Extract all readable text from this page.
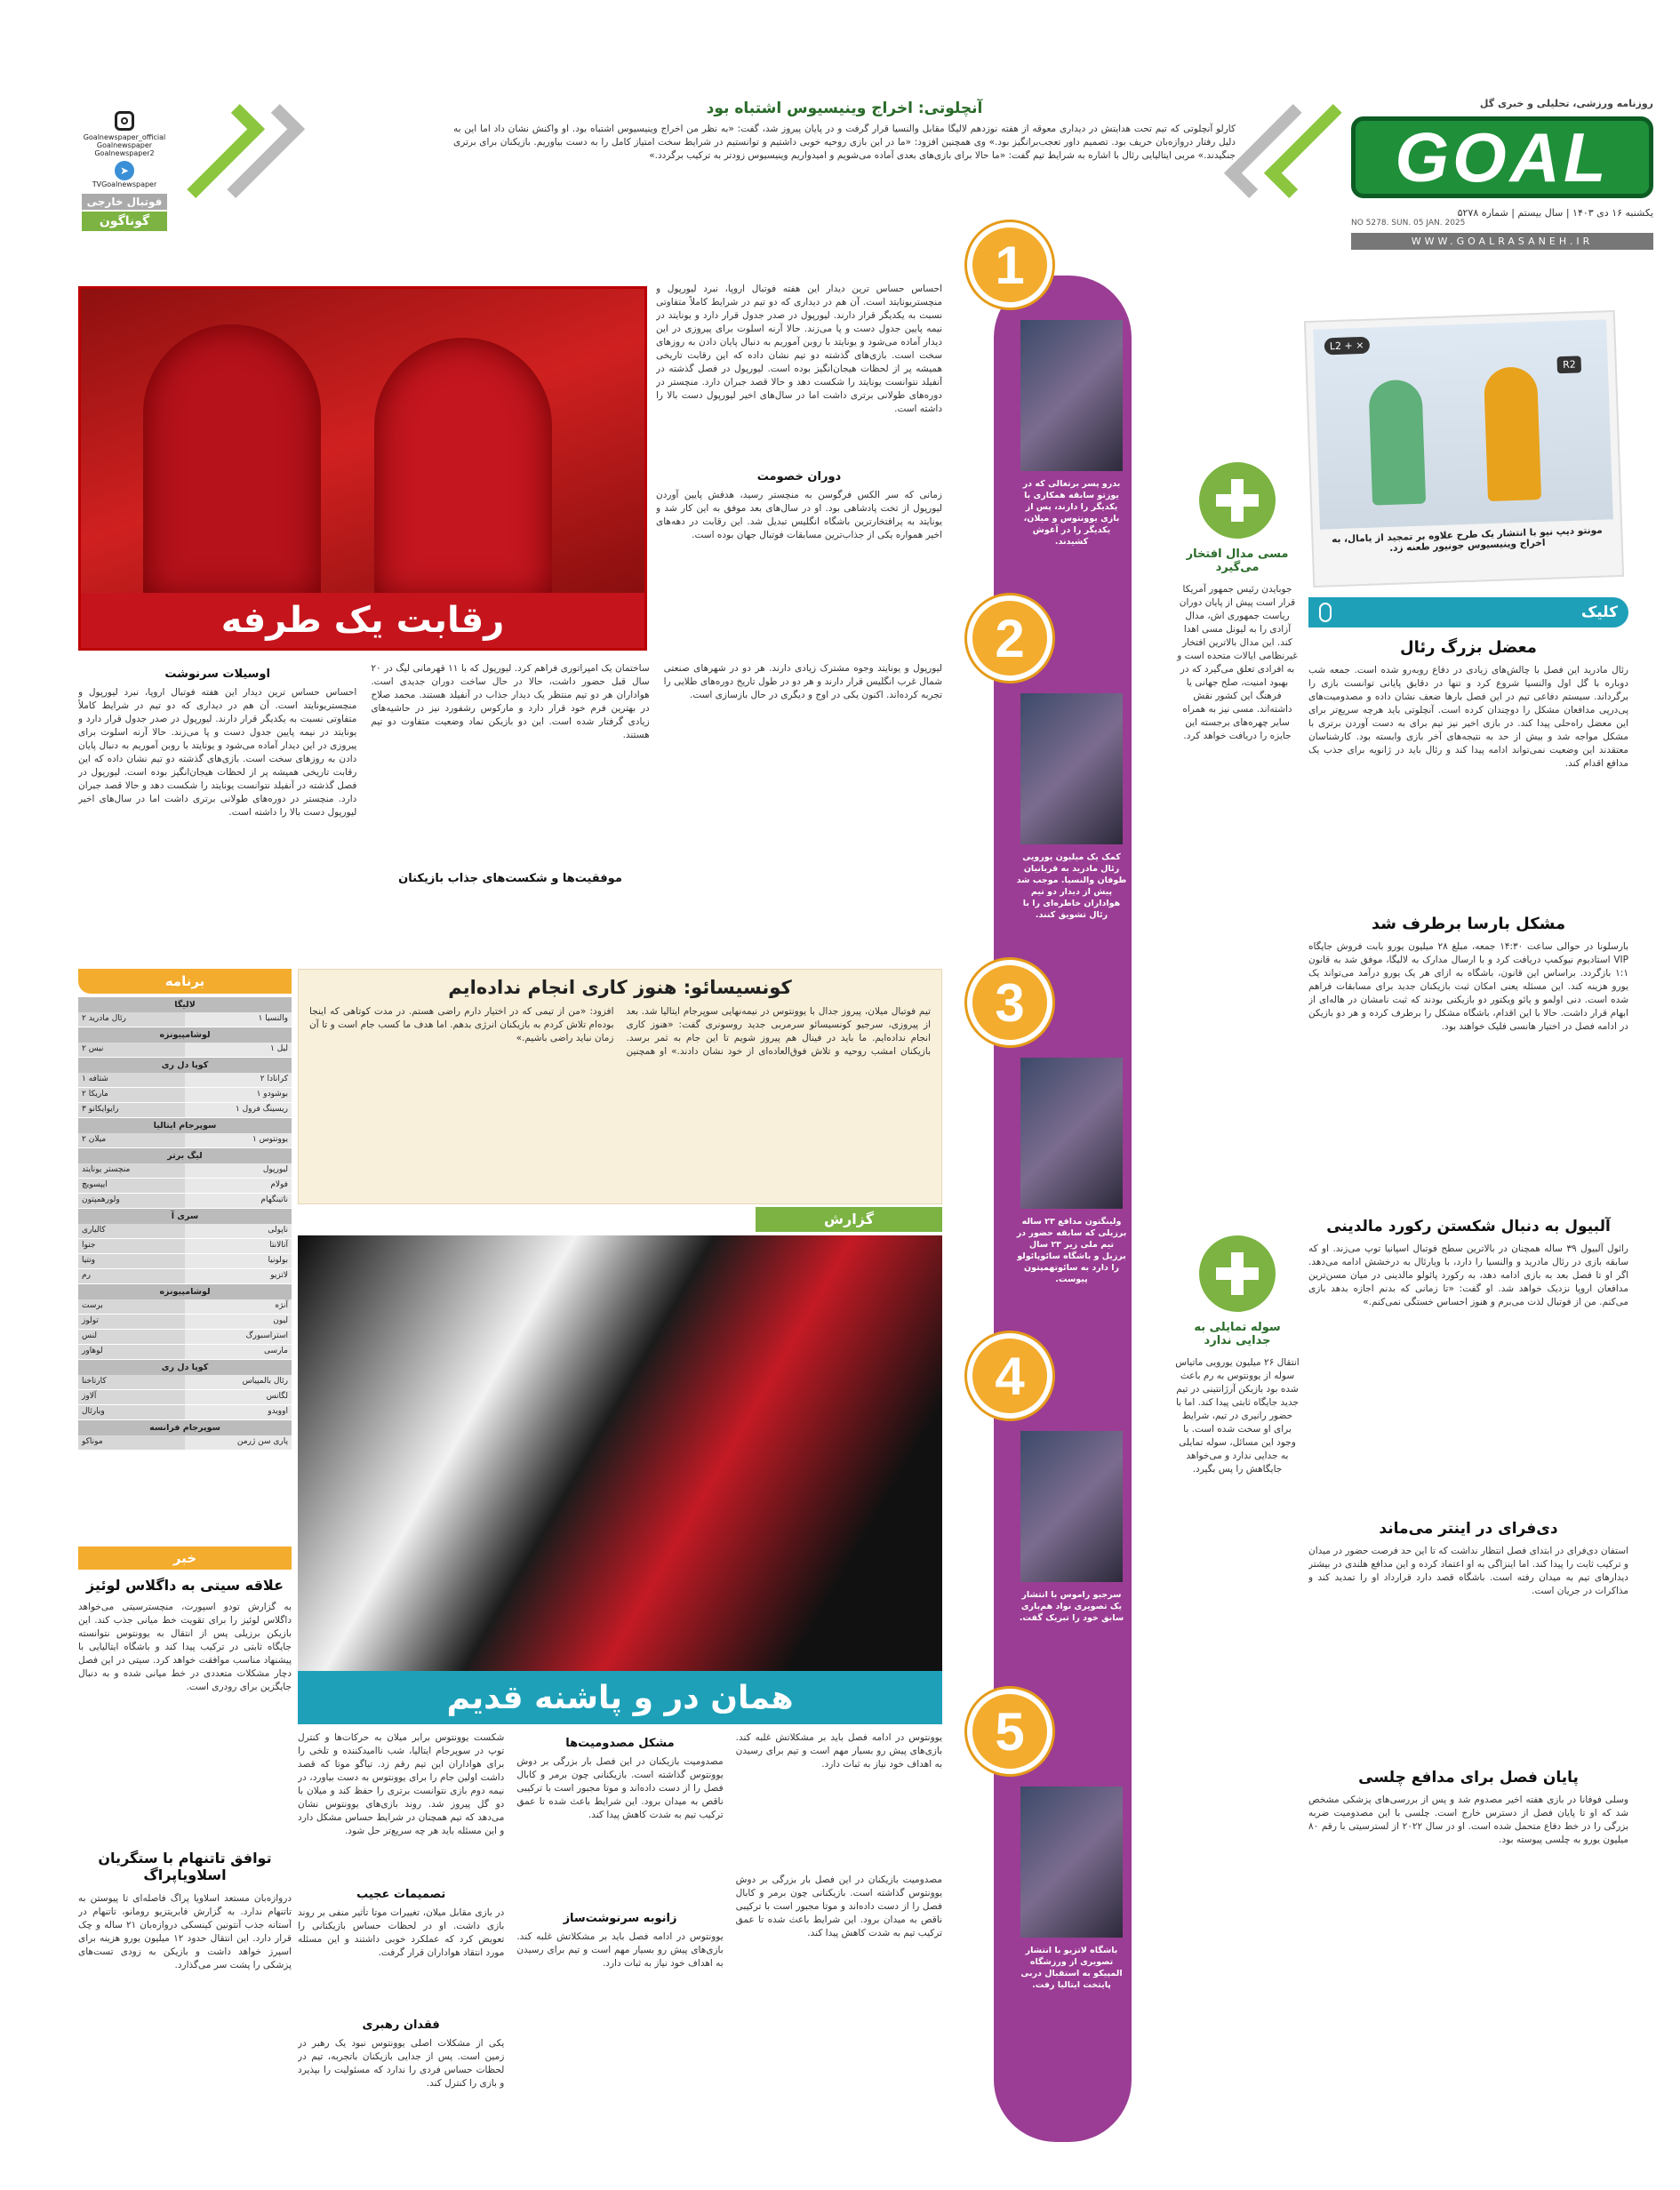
روزنامه ورزشی، تحلیلی و خبری گل
GOAL
یکشنبه ۱۶ دی ۱۴۰۳ | سال بیستم | شماره ۵۲۷۸
NO 5278. SUN. 05 JAN. 2025
WWW.GOALRASANEH.IR
آنچلوتی: اخراج وینیسیوس اشتباه بود
کارلو آنچلوتی که تیم تحت هدایتش در دیداری معوقه از هفته نوزدهم لالیگا مقابل والنسیا قرار گرفت و در پایان پیروز شد، گفت: «به نظر من اخراج وینیسیوس اشتباه بود. او واکنش نشان داد اما این به دلیل رفتار دروازه‌بان حریف بود. تصمیم داور تعجب‌برانگیز بود.» وی همچنین افزود: «ما در این بازی روحیه خوبی داشتیم و توانستیم در شرایط سخت امتیاز کامل را به دست بیاوریم. بازیکنان برای برتری جنگیدند.» مربی ایتالیایی رئال با اشاره به شرایط تیم گفت: «ما حالا برای بازی‌های بعدی آماده می‌شویم و امیدواریم وینیسیوس زودتر به ترکیب برگردد.»
Goalnewspaper_official
Goalnewspaper
Goalnewspaper2
➤
TVGoalnewspaper
فوتبال خارجی
گوناگون
رقابت یک طرفه
احساس حساس ترین دیدار این هفته فوتبال اروپا، نبرد لیورپول و منچستریونایتد است. آن هم در دیداری که دو تیم در شرایط کاملاً متفاوتی نسبت به یکدیگر قرار دارند. لیورپول در صدر جدول قرار دارد و یونایتد در نیمه پایین جدول دست و پا می‌زند. حالا آرنه اسلوت برای پیروزی در این دیدار آماده می‌شود و یونایتد با روبن آموریم به دنبال پایان دادن به روزهای سخت است. بازی‌های گذشته دو تیم نشان داده که این رقابت تاریخی همیشه پر از لحظات هیجان‌انگیز بوده است. لیورپول در فصل گذشته در آنفیلد نتوانست یونایتد را شکست دهد و حالا قصد جبران دارد. منچستر در دوره‌های طولانی برتری داشت اما در سال‌های اخیر لیورپول دست بالا را داشته است.
دوران خصومت
زمانی که سر الکس فرگوسن به منچستر رسید، هدفش پایین آوردن لیورپول از تخت پادشاهی بود. او در سال‌های بعد موفق به این کار شد و یونایتد به پرافتخارترین باشگاه انگلیس تبدیل شد. این رقابت در دهه‌های اخیر همواره یکی از جذاب‌ترین مسابقات فوتبال جهان بوده است.
لیورپول و یونایتد وجوه مشترک زیادی دارند. هر دو در شهرهای صنعتی شمال غرب انگلیس قرار دارند و هر دو در طول تاریخ دوره‌های طلایی را تجربه کرده‌اند. اکنون یکی در اوج و دیگری در حال بازسازی است.
ساختمان یک امپراتوری فراهم کرد. لیورپول که با ۱۱ قهرمانی لیگ در ۲۰ سال قبل حضور داشت، حالا در حال ساخت دوران جدیدی است. هواداران هر دو تیم منتظر یک دیدار جذاب در آنفیلد هستند. محمد صلاح در بهترین فرم خود قرار دارد و مارکوس رشفورد نیز در حاشیه‌های زیادی گرفتار شده است. این دو بازیکن نماد وضعیت متفاوت دو تیم هستند.
موفقیت‌ها و شکست‌های جذاب بازیکنان
اوسیلات سرنوشت
احساس حساس ترین دیدار این هفته فوتبال اروپا، نبرد لیورپول و منچستریونایتد است. آن هم در دیداری که دو تیم در شرایط کاملاً متفاوتی نسبت به یکدیگر قرار دارند. لیورپول در صدر جدول قرار دارد و یونایتد در نیمه پایین جدول دست و پا می‌زند. حالا آرنه اسلوت برای پیروزی در این دیدار آماده می‌شود و یونایتد با روبن آموریم به دنبال پایان دادن به روزهای سخت است. بازی‌های گذشته دو تیم نشان داده که این رقابت تاریخی همیشه پر از لحظات هیجان‌انگیز بوده است. لیورپول در فصل گذشته در آنفیلد نتوانست یونایتد را شکست دهد و حالا قصد جبران دارد. منچستر در دوره‌های طولانی برتری داشت اما در سال‌های اخیر لیورپول دست بالا را داشته است.
کونسیسائو: هنوز کاری انجام نداده‌ایم
تیم فوتبال میلان، پیروز جدال با یوونتوس در نیمه‌نهایی سوپرجام ایتالیا شد. بعد از پیروزی، سرجیو کونسیسائو سرمربی جدید روسونری گفت: «هنوز کاری انجام نداده‌ایم. ما باید در فینال هم پیروز شویم تا این جام به ثمر برسد. بازیکنان امشب روحیه و تلاش فوق‌العاده‌ای از خود نشان دادند.» او همچنین افزود: «من از تیمی که در اختیار دارم راضی هستم. در مدت کوتاهی که اینجا بوده‌ام تلاش کردم به بازیکنان انرژی بدهم. اما هدف ما کسب جام است و تا آن زمان نباید راضی باشیم.»
برنامه
لالیگا
والنسیا ۱
رئال مادرید ۲
لوشامپیونزه
لیل ۱
نیس ۲
کوپا دل ری
کرانادا ۲
شتافه ۱
بوشودو ۱
ماریکا ۲
ریسینگ فرول ۱
رایوایکانو ۳
سوپرجام ایتالیا
یوونتوس ۱
میلان ۲
لیگ برتر
لیورپول
منچستر یونایتد
فولام
ایپسویچ
ناتینگهام
ولورهمپتون
سری آ
ناپولی
کالیاری
آتالانتا
جنوا
بولونیا
ونتیا
لاتزیو
رم
لوشامپیونزه
آنژه
برست
لیون
تولوز
استراسبورگ
لنس
مارسی
لوهاور
کوپا دل ری
رئال بالمپیاس
کارتاخنا
لگانس
آلاوز
اوویدو
ویارئال
سوپرجام فرانسه
پاری سن ژرمن
موناکو
خبر
علاقه سیتی به داگلاس لوئیز
به گزارش تودو اسپورت، منچسترسیتی می‌خواهد داگلاس لوئیز را برای تقویت خط میانی جذب کند. این بازیکن برزیلی پس از انتقال به یوونتوس نتوانسته جایگاه ثابتی در ترکیب پیدا کند و باشگاه ایتالیایی با پیشنهاد مناسب موافقت خواهد کرد. سیتی در این فصل دچار مشکلات متعددی در خط میانی شده و به دنبال جایگزین برای رودری است.
توافق تاتنهام با ستگریان اسلاویاپراگ
دروازه‌بان مستعد اسلاویا پراگ فاصله‌ای تا پیوستن به تاتنهام ندارد. به گزارش فابریتزیو رومانو، تاتنهام در آستانه جذب آنتونین کینسکی دروازه‌بان ۲۱ ساله و چک قرار دارد. این انتقال حدود ۱۲ میلیون یورو هزینه برای اسپرز خواهد داشت و بازیکن به زودی تست‌های پزشکی را پشت سر می‌گذارد.
گزارش
همان در و پاشنه قدیم
یوونتوس در ادامه فصل باید بر مشکلاتش غلبه کند. بازی‌های پیش رو بسیار مهم است و تیم برای رسیدن به اهداف خود نیاز به ثبات دارد.
مصدومیت بازیکنان در این فصل بار بزرگی بر دوش یوونتوس گذاشته است. بازیکنانی چون برمر و کابال فصل را از دست داده‌اند و موتا مجبور است با ترکیبی ناقص به میدان برود. این شرایط باعث شده تا عمق ترکیب تیم به شدت کاهش پیدا کند.
مشکل مصدومیت‌ها
مصدومیت بازیکنان در این فصل بار بزرگی بر دوش یوونتوس گذاشته است. بازیکنانی چون برمر و کابال فصل را از دست داده‌اند و موتا مجبور است با ترکیبی ناقص به میدان برود. این شرایط باعث شده تا عمق ترکیب تیم به شدت کاهش پیدا کند.
زانوبه سرنوشت‌ساز
یوونتوس در ادامه فصل باید بر مشکلاتش غلبه کند. بازی‌های پیش رو بسیار مهم است و تیم برای رسیدن به اهداف خود نیاز به ثبات دارد.
شکست یوونتوس برابر میلان به حرکات‌ها و کنترل توپ در سوپرجام ایتالیا، شب ناامیدکننده و تلخی را برای هواداران این تیم رقم زد. تیاگو موتا که قصد داشت اولین جام را برای یوونتوس به دست بیاورد، در نیمه دوم بازی نتوانست برتری را حفظ کند و میلان با دو گل پیروز شد. روند بازی‌های یوونتوس نشان می‌دهد که تیم همچنان در شرایط حساس مشکل دارد و این مسئله باید هر چه سریع‌تر حل شود.
تصمیمات عجیب
در بازی مقابل میلان، تغییرات موتا تأثیر منفی بر روند بازی داشت. او در لحظات حساس بازیکنانی را تعویض کرد که عملکرد خوبی داشتند و این مسئله مورد انتقاد هواداران قرار گرفت.
فقدان رهبری
یکی از مشکلات اصلی یوونتوس نبود یک رهبر در زمین است. پس از جدایی بازیکنان باتجربه، تیم در لحظات حساس فردی را ندارد که مسئولیت را بپذیرد و بازی را کنترل کند.
1
بدرو پسر برتغالی که در یوزتو سابقه همکاری با یکدیگر را دارند، پس از بازی یوونتوس و میلان، یکدیگر را در آغوش کشیدند.
2
کمک یک میلیون یورویی رئال مادرید به قربانیان طوفان والنسیا. موجب شد پیش از دیدار دو تیم هواداران خاطره‌ای را با رئال تشویق کنند.
3
ولینگتون مدافع ۲۳ ساله برزیلی که سابقه حضور در تیم ملی زیر ۲۳ سال برزیل و باشگاه سائوپائولو را دارد به سائوتهمپتون پیوست.
4
سرجیو راموس با انتشار یک تصویری نواد هم‌باری سابق خود را تبریک گفت.
5
باشگاه لاتزیو با انتشار تصویری از ورزشگاه المپیکو به استقبال دربی پایتخت ایتالیا رفت.
مسی مدال افتخار می‌گیرد
جوبایدن رئیس جمهور آمریکا قرار است پیش از پایان دوران ریاست جمهوری اش، مدال آزادی را به لیونل مسی اهدا کند. این مدال بالاترین افتخار غیرنظامی ایالات متحده است و به افرادی تعلق می‌گیرد که در بهبود امنیت، صلح جهانی یا فرهنگ این کشور نقش داشته‌اند. مسی نیز به همراه سایر چهره‌های برجسته این جایزه را دریافت خواهد کرد.
سوله تمایلی به جدایی ندارد
انتقال ۲۶ میلیون یورویی ماتیاس سوله از یوونتوس به رم باعث شده بود بازیکن آرژانتینی در تیم جدید جایگاه ثابتی پیدا کند. اما با حضور رانیری در تیم، شرایط برای او سخت شده است. با وجود این مسائل، سوله تمایلی به جدایی ندارد و می‌خواهد جایگاهش را پس بگیرد.
L2 + ×
R2
مونتو دیپ نیو با انتشار یک طرح علاوه بر تمجید از یامال، به اخراج وینیسیوس جونیور طعنه زد.
کلیک
معضل بزرگ رئال
رئال مادرید این فصل با چالش‌های زیادی در دفاع روبه‌رو شده است. جمعه شب دوباره با گل اول والنسیا شروع کرد و تنها در دقایق پایانی توانست بازی را برگرداند. سیستم دفاعی تیم در این فصل بارها ضعف نشان داده و مصدومیت‌های پی‌درپی مدافعان مشکل را دوچندان کرده است. آنچلوتی باید هرچه سریع‌تر برای این معضل راه‌حلی پیدا کند. در بازی اخیر نیز تیم برای به دست آوردن برتری با مشکل مواجه شد و بیش از حد به نتیجه‌های آخر بازی وابسته بود. کارشناسان معتقدند این وضعیت نمی‌تواند ادامه پیدا کند و رئال باید در ژانویه برای جذب یک مدافع اقدام کند.
مشکل بارسا برطرف شد
بارسلونا در حوالی ساعت ۱۴:۳۰ جمعه، مبلغ ۲۸ میلیون یورو بابت فروش جایگاه VIP استادیوم نیوکمپ دریافت کرد و با ارسال مدارک به لالیگا، موفق شد به قانون ۱:۱ بازگردد. براساس این قانون، باشگاه به ازای هر یک یورو درآمد می‌تواند یک یورو هزینه کند. این مسئله یعنی امکان ثبت بازیکنان جدید برای مسابقات فراهم شده است. دنی اولمو و پائو ویکتور دو بازیکنی بودند که ثبت نامشان در هاله‌ای از ابهام قرار داشت. حالا با این اقدام، باشگاه مشکل را برطرف کرده و هر دو بازیکن در ادامه فصل در اختیار هانسی فلیک خواهند بود.
آلبیول به دنبال شکستن رکورد مالدینی
رائول آلبیول ۳۹ ساله همچنان در بالاترین سطح فوتبال اسپانیا توپ می‌زند. او که سابقه بازی در رئال مادرید و والنسیا را دارد، با ویارئال به درخشش ادامه می‌دهد. اگر او تا فصل بعد به بازی ادامه دهد، به رکورد پائولو مالدینی در میان مسن‌ترین مدافعان اروپا نزدیک خواهد شد. او گفت: «تا زمانی که بدنم اجازه بدهد بازی می‌کنم. من از فوتبال لذت می‌برم و هنوز احساس خستگی نمی‌کنم.»
دی‌فرای در اینتر می‌ماند
استفان دی‌فرای در ابتدای فصل انتظار نداشت که تا این حد فرصت حضور در میدان و ترکیب ثابت را پیدا کند. اما اینزاگی به او اعتماد کرده و این مدافع هلندی در بیشتر دیدارهای تیم به میدان رفته است. باشگاه قصد دارد قرارداد او را تمدید کند و مذاکرات در جریان است.
پایان فصل برای مدافع چلسی
وسلی فوفانا در بازی هفته اخیر مصدوم شد و پس از بررسی‌های پزشکی مشخص شد که او تا پایان فصل از دسترس خارج است. چلسی با این مصدومیت ضربه بزرگی را در خط دفاع متحمل شده است. او در سال ۲۰۲۲ از لسترسیتی با رقم ۸۰ میلیون یورو به چلسی پیوسته بود.
